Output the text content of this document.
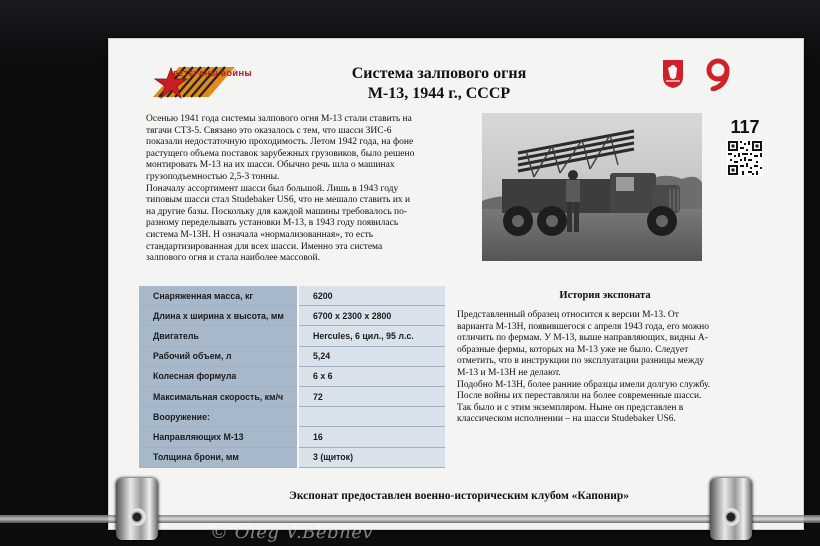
ВЕТЕРАНЫ ВОЙНЫ	Система залпового огня
М-13, 1944 г., СССР
117
Осенью 1941 года системы залпового огня М-13 стали ставить на
тягачи СТЗ-5. Связано это оказалось с тем, что шасси ЗИС-6
показали недостаточную проходимость. Летом 1942 года, на фоне
растущего объема поставок зарубежных грузовиков, было решено
монтировать М-13 на их шасси. Обычно речь шла о машинах
грузоподъемностью 2,5-3 тонны.
Поначалу ассортимент шасси был большой. Лишь в 1943 году
типовым шасси стал Studebaker US6, что не мешало ставить их и
на другие базы. Поскольку для каждой машины требовалось по-
разному переделывать установки М-13, в 1943 году появилась
система М-13Н. Н означала «нормализованная», то есть
стандартизированная для всех шасси. Именно эта система
залпового огня и стала наиболее массовой.
Снаряженная масса, кг	6200
Длина х ширина х высота, мм	6700 х 2300 х 2800
Двигатель	Hercules, 6 цил., 95 л.с.
Рабочий объем, л	5,24
Колесная формула	6 х 6
Максимальная скорость, км/ч	72
Вооружение:	
Направляющих М-13	16
Толщина брони, мм	3 (щиток)
История экспоната
Представленный образец относится к версии М-13. От
варианта М-13Н, появившегося с апреля 1943 года, его можно
отличить по фермам. У М-13, выше направляющих, видны А-
образные фермы, которых на М-13 уже не было. Следует
отметить, что в инструкции по эксплуатации разницы между
М-13 и М-13Н не делают.
Подобно М-13Н, более ранние образцы имели долгую службу.
После войны их переставляли на более современные шасси.
Так было и с этим экземпляром. Ныне он представлен в
классическом исполнении – на шасси Studebaker US6.
Экспонат предоставлен военно-историческим клубом «Капонир»
© Oleg V.Bebnev
